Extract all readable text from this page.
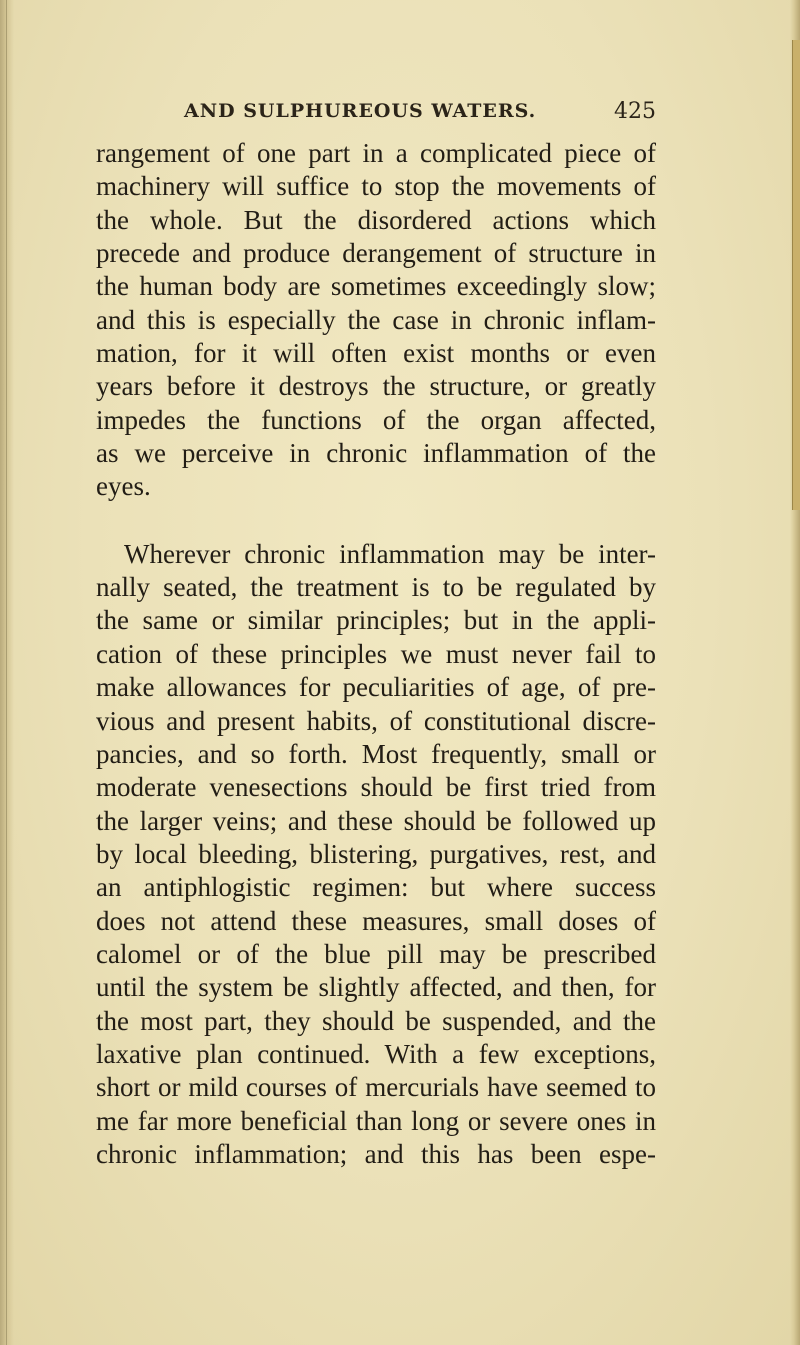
AND SULPHUREOUS WATERS.	425
rangement of one part in a complicated piece of
machinery will suffice to stop the movements of
the whole. But the disordered actions which
precede and produce derangement of structure in
the human body are sometimes exceedingly slow;
and this is especially the case in chronic inflam-
mation, for it will often exist months or even
years before it destroys the structure, or greatly
impedes the functions of the organ affected,
as we perceive in chronic inflammation of the
eyes.
Wherever chronic inflammation may be inter-
nally seated, the treatment is to be regulated by
the same or similar principles; but in the appli-
cation of these principles we must never fail to
make allowances for peculiarities of age, of pre-
vious and present habits, of constitutional discre-
pancies, and so forth. Most frequently, small or
moderate venesections should be first tried from
the larger veins; and these should be followed up
by local bleeding, blistering, purgatives, rest, and
an antiphlogistic regimen: but where success
does not attend these measures, small doses of
calomel or of the blue pill may be prescribed
until the system be slightly affected, and then, for
the most part, they should be suspended, and the
laxative plan continued. With a few exceptions,
short or mild courses of mercurials have seemed to
me far more beneficial than long or severe ones in
chronic inflammation; and this has been espe-
